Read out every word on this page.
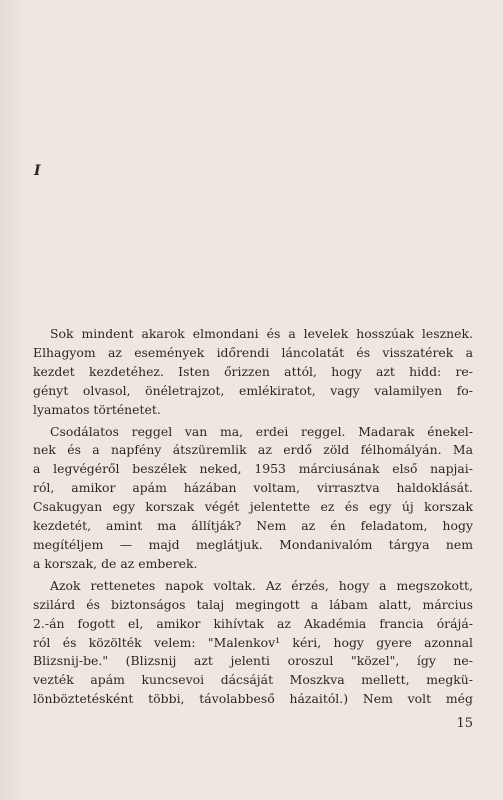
I

Sok mindent akarok elmondani és a levelek hosszúak lesznek.
Elhagyom az események időrendi láncolatát és visszatérek a
kezdet kezdetéhez. Isten őrizzen attól, hogy azt hidd: re-
gényt olvasol, önéletrajzot, emlékiratot, vagy valamilyen fo-
lyamatos történetet.

Csodálatos reggel van ma, erdei reggel. Madarak énekel-
nek és a napfény átszüremlik az erdő zöld félhomályán. Ma
a legvégéről beszélek neked, 1953 márciusának első napjai-
ról, amikor apám házában voltam, virrasztva haldoklását.
Csakugyan egy korszak végét jelentette ez és egy új korszak
kezdetét, amint ma állítják? Nem az én feladatom, hogy
megítéljem — majd meglátjuk. Mondanivalóm tárgya nem
a korszak, de az emberek.

Azok rettenetes napok voltak. Az érzés, hogy a megszokott,
szilárd és biztonságos talaj megingott a lábam alatt, március
2.-án fogott el, amikor kihívtak az Akadémia francia órájá-
ról és közölték velem: "Malenkov¹ kéri, hogy gyere azonnal
Blizsnij-be." (Blizsnij azt jelenti oroszul "közel", így ne-
vezték apám kuncsevoi dácsáját Moszkva mellett, megkü-
lönböztetésként többi, távolabbeső házaitól.) Nem volt még

15
